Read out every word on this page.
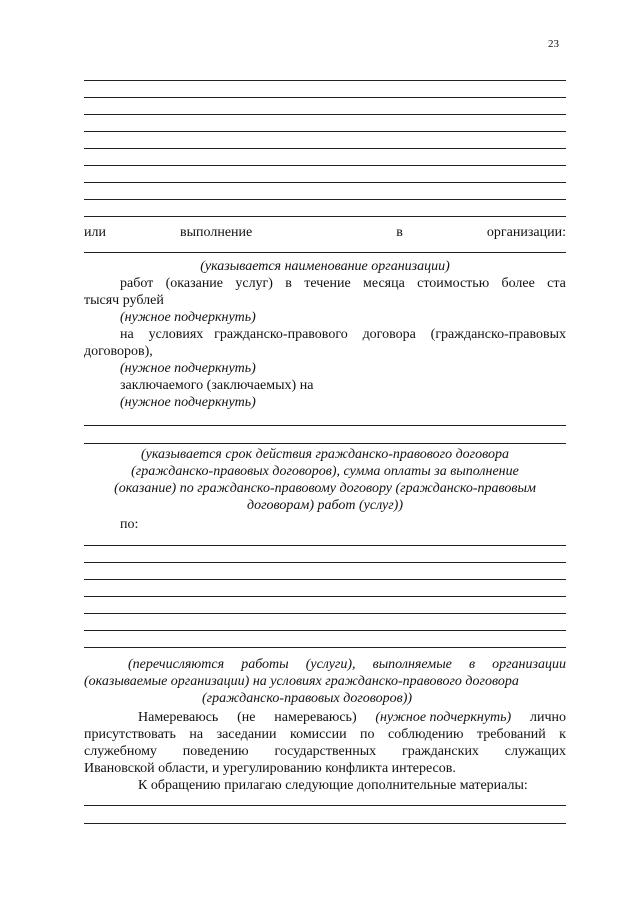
23
или	выполнение	в	организации:
(указывается наименование организации)
работ (оказание услуг) в течение месяца стоимостью более ста
тысяч рублей
(нужное подчеркнуть)
на условиях гражданско-правового договора (гражданско-правовых
договоров),
(нужное подчеркнуть)
заключаемого (заключаемых) на
(нужное подчеркнуть)
(указывается срок действия гражданско-правового договора
(гражданско-правовых договоров), сумма оплаты за выполнение
(оказание) по гражданско-правовому договору (гражданско-правовым
договорам) работ (услуг))
по:
(перечисляются работы (услуги), выполняемые в организации
(оказываемые организации) на условиях гражданско-правового договора
(гражданско-правовых договоров))
Намереваюсь (не намереваюсь) (нужное подчеркнуть) лично
присутствовать на заседании комиссии по соблюдению требований к
служебному поведению государственных гражданских служащих
Ивановской области, и урегулированию конфликта интересов.
К обращению прилагаю следующие дополнительные материалы:
